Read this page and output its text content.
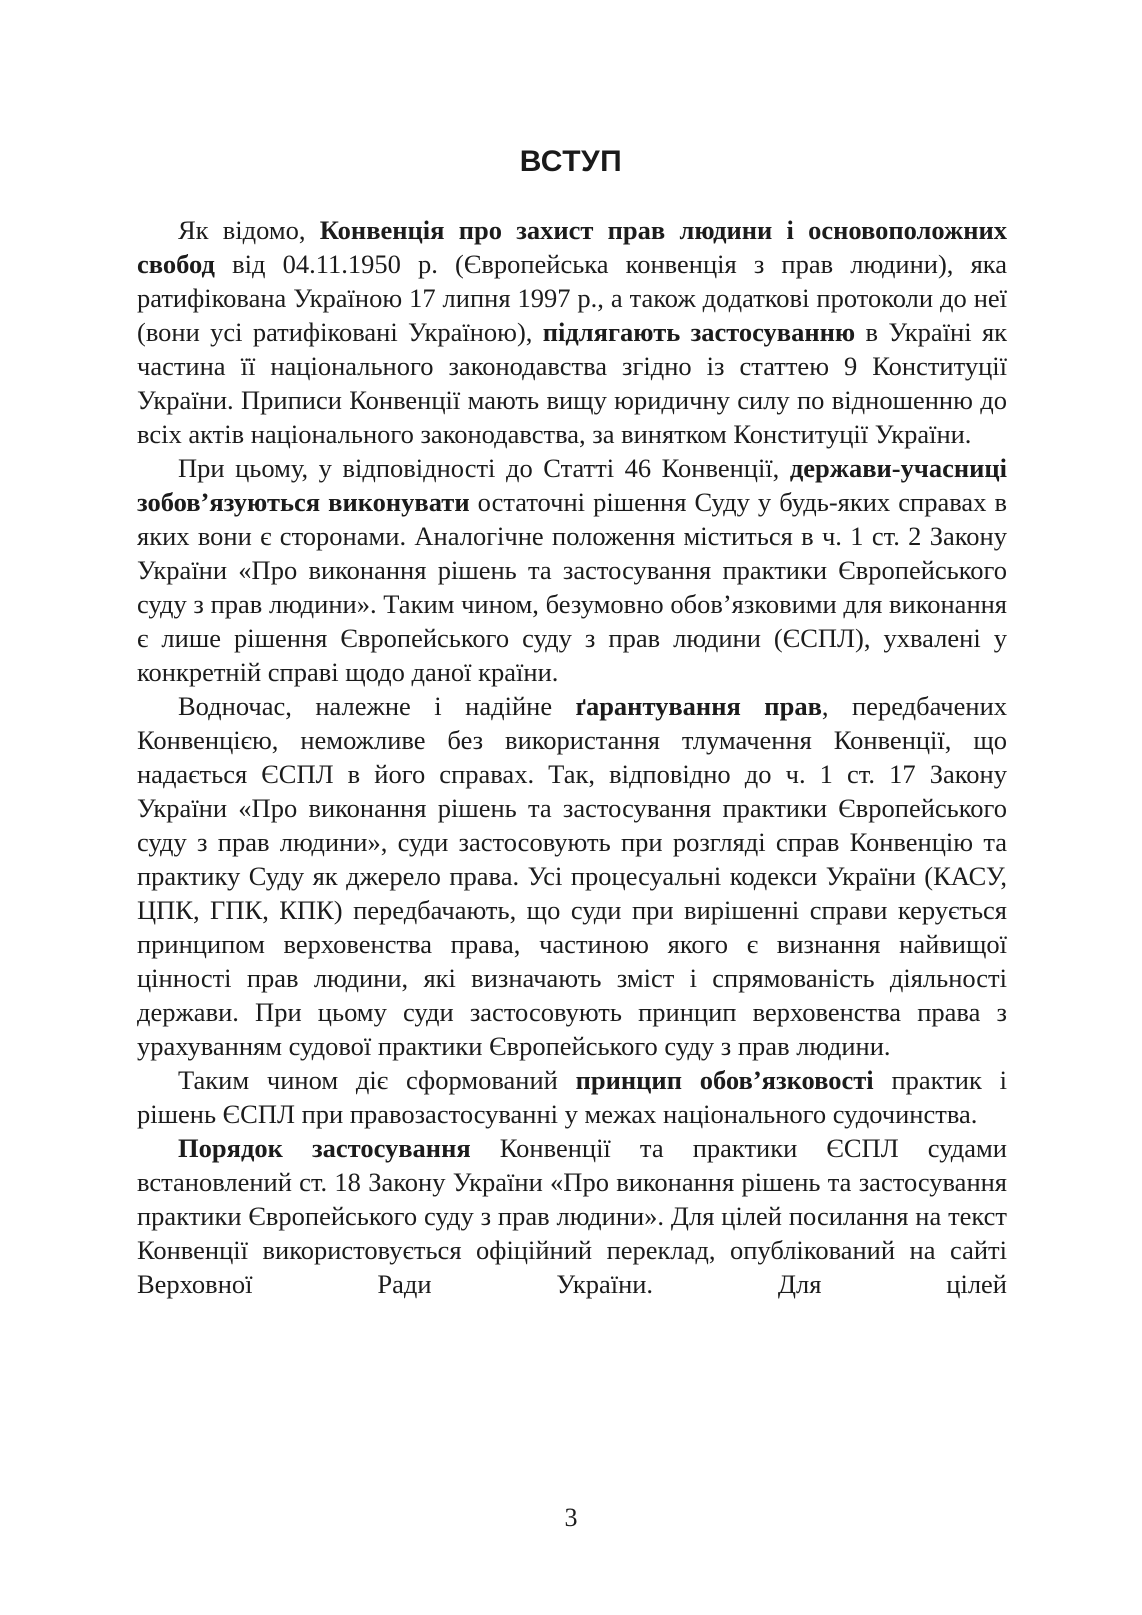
ВСТУП

Як відомо, Конвенція про захист прав людини і основоположних свобод від 04.11.1950 р. (Європейська конвенція з прав людини), яка ратифікована Україною 17 липня 1997 р., а також додаткові протоколи до неї (вони усі ратифіковані Україною), підлягають застосуванню в Україні як частина її національного законодавства згідно із статтею 9 Конституції України. Приписи Конвенції мають вищу юридичну силу по відношенню до всіх актів національного законодавства, за винятком Конституції України.

При цьому, у відповідності до Статті 46 Конвенції, держави-учасниці зобов’язуються виконувати остаточні рішення Суду у будь-яких справах в яких вони є сторонами. Аналогічне положення міститься в ч. 1 ст. 2 Закону України «Про виконання рішень та застосування практики Європейського суду з прав людини». Таким чином, безумовно обов’язковими для виконання є лише рішення Європейського суду з прав людини (ЄСПЛ), ухвалені у конкретній справі щодо даної країни.

Водночас, належне і надійне ґарантування прав, передбачених Конвенцією, неможливе без використання тлумачення Конвенції, що надається ЄСПЛ в його справах. Так, відповідно до ч. 1 ст. 17 Закону України «Про виконання рішень та застосування практики Європейського суду з прав людини», суди застосовують при розгляді справ Конвенцію та практику Суду як джерело права. Усі процесуальні кодекси України (КАСУ, ЦПК, ГПК, КПК) передбачають, що суди при вирішенні справи керується принципом верховенства права, частиною якого є визнання найвищої цінності прав людини, які визначають зміст і спрямованість діяльності держави. При цьому суди застосовують принцип верховенства права з урахуванням судової практики Європейського суду з прав людини.

Таким чином діє сформований принцип обов’язковості практик і рішень ЄСПЛ при правозастосуванні у межах національного судочинства.

Порядок застосування Конвенції та практики ЄСПЛ судами встановлений ст. 18 Закону України «Про виконання рішень та застосування практики Європейського суду з прав людини». Для цілей посилання на текст Конвенції використовується офіційний переклад, опублікований на сайті Верховної Ради України. Для цілей

3
